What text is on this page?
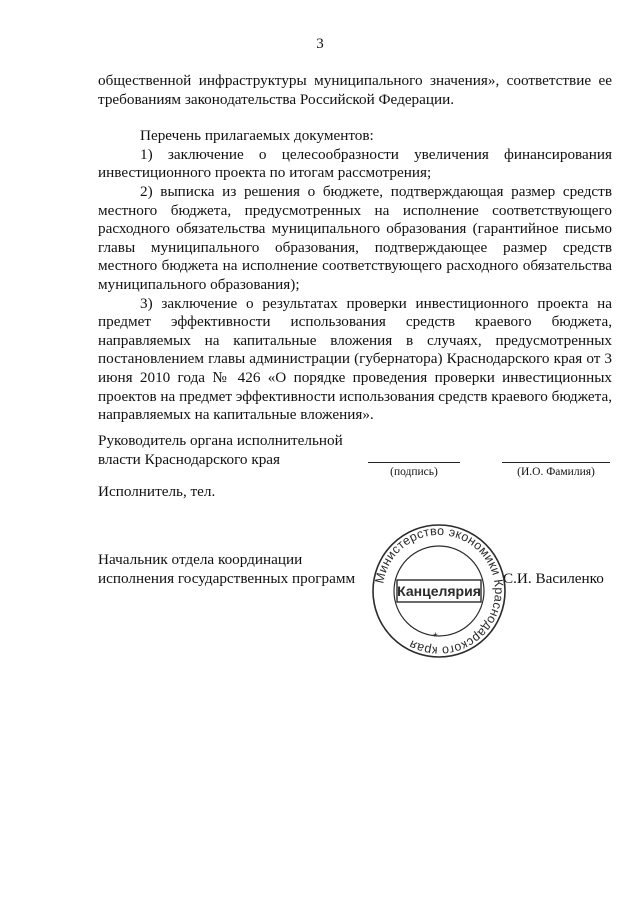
3

общественной инфраструктуры муниципального значения», соответствие ее требованиям законодательства Российской Федерации.

Перечень прилагаемых документов:

1) заключение о целесообразности увеличения финансирования инвестиционного проекта по итогам рассмотрения;

2) выписка из решения о бюджете, подтверждающая размер средств местного бюджета, предусмотренных на исполнение соответствующего расходного обязательства муниципального образования (гарантийное письмо главы муниципального образования, подтверждающее размер средств местного бюджета на исполнение соответствующего расходного обязательства муниципального образования);

3) заключение о результатах проверки инвестиционного проекта на предмет эффективности использования средств краевого бюджета, направляемых на капитальные вложения в случаях, предусмотренных постановлением главы администрации (губернатора) Краснодарского края от 3 июня 2010 года № 426 «О порядке проведения проверки инвестиционных проектов на предмет эффективности использования средств краевого бюджета, направляемых на капитальные вложения».

Руководитель органа исполнительной
власти Краснодарского края
(подпись)	(И.О. Фамилия)
Исполнитель, тел.
Начальник отдела координации
исполнения государственных программ	С.И. Василенко
Министерство экономики Краснодарского края
*
Канцелярия
